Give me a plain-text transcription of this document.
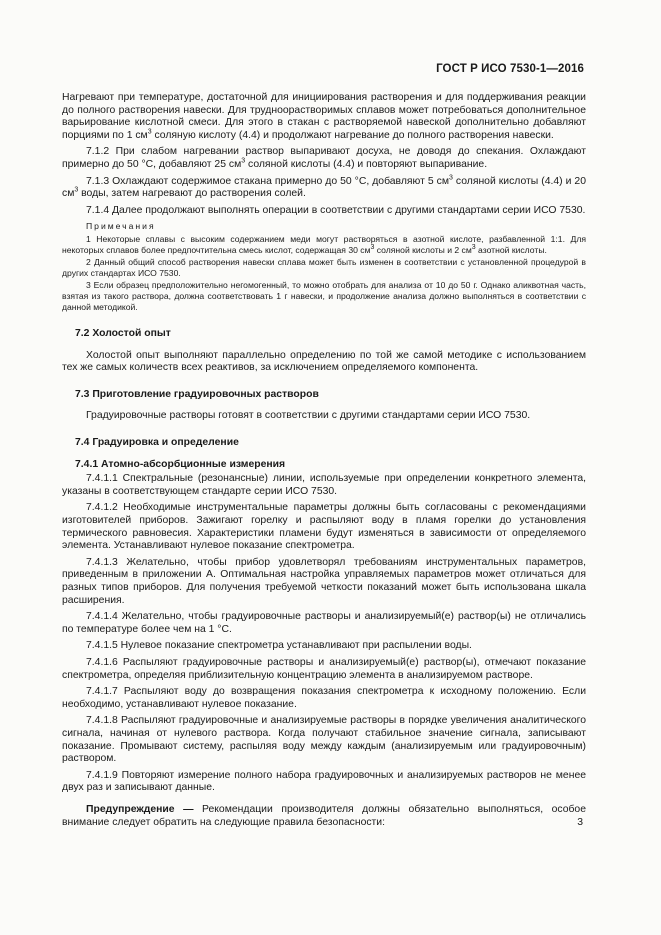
ГОСТ Р ИСО 7530-1—2016

Нагревают при температуре, достаточной для инициирования растворения и для поддерживания реакции до полного растворения навески. Для трудноорастворимых сплавов может потребоваться дополнительное варьирование кислотной смеси. Для этого в стакан с растворяемой навеской дополнительно добавляют порциями по 1 $см^3$ соляную кислоту (4.4) и продолжают нагревание до полного растворения навески.

7.1.2 При слабом нагревании раствор выпаривают досуха, не доводя до спекания. Охлаждают примерно до 50 °С, добавляют 25 $см^3$ соляной кислоты (4.4) и повторяют выпаривание.

7.1.3 Охлаждают содержимое стакана примерно до 50 °С, добавляют 5 $см^3$ соляной кислоты (4.4) и 20 $см^3$ воды, затем нагревают до растворения солей.

7.1.4 Далее продолжают выполнять операции в соответствии с другими стандартами серии ИСО 7530.

Примечания

1 Некоторые сплавы с высоким содержанием меди могут растворяться в азотной кислоте, разбавленной 1:1. Для некоторых сплавов более предпочтительна смесь кислот, содержащая 30 $см^3$ соляной кислоты и 2 $см^3$ азотной кислоты.

2 Данный общий способ растворения навески сплава может быть изменен в соответствии с установленной процедурой в других стандартах ИСО 7530.

3 Если образец предположительно негомогенный, то можно отобрать для анализа от 10 до 50 г. Однако аликвотная часть, взятая из такого раствора, должна соответствовать 1 г навески, и продолжение анализа должно выполняться в соответствии с данной методикой.

7.2 Холостой опыт

Холостой опыт выполняют параллельно определению по той же самой методике с использованием тех же самых количеств всех реактивов, за исключением определяемого компонента.

7.3 Приготовление градуировочных растворов

Градуировочные растворы готовят в соответствии с другими стандартами серии ИСО 7530.

7.4 Градуировка и определение

7.4.1 Атомно-абсорбционные измерения

7.4.1.1 Спектральные (резонансные) линии, используемые при определении конкретного элемента, указаны в соответствующем стандарте серии ИСО 7530.

7.4.1.2 Необходимые инструментальные параметры должны быть согласованы с рекомендациями изготовителей приборов. Зажигают горелку и распыляют воду в пламя горелки до установления термического равновесия. Характеристики пламени будут изменяться в зависимости от определяемого элемента. Устанавливают нулевое показание спектрометра.

7.4.1.3 Желательно, чтобы прибор удовлетворял требованиям инструментальных параметров, приведенным в приложении А. Оптимальная настройка управляемых параметров может отличаться для разных типов приборов. Для получения требуемой четкости показаний может быть использована шкала расширения.

7.4.1.4 Желательно, чтобы градуировочные растворы и анализируемый(е) раствор(ы) не отличались по температуре более чем на 1 °С.

7.4.1.5 Нулевое показание спектрометра устанавливают при распылении воды.

7.4.1.6 Распыляют градуировочные растворы и анализируемый(е) раствор(ы), отмечают показание спектрометра, определяя приблизительную концентрацию элемента в анализируемом растворе.

7.4.1.7 Распыляют воду до возвращения показания спектрометра к исходному положению. Если необходимо, устанавливают нулевое показание.

7.4.1.8 Распыляют градуировочные и анализируемые растворы в порядке увеличения аналитического сигнала, начиная от нулевого раствора. Когда получают стабильное значение сигнала, записывают показание. Промывают систему, распыляя воду между каждым (анализируемым или градуировочным) раствором.

7.4.1.9 Повторяют измерение полного набора градуировочных и анализируемых растворов не менее двух раз и записывают данные.

Предупреждение — Рекомендации производителя должны обязательно выполняться, особое внимание следует обратить на следующие правила безопасности:	3
